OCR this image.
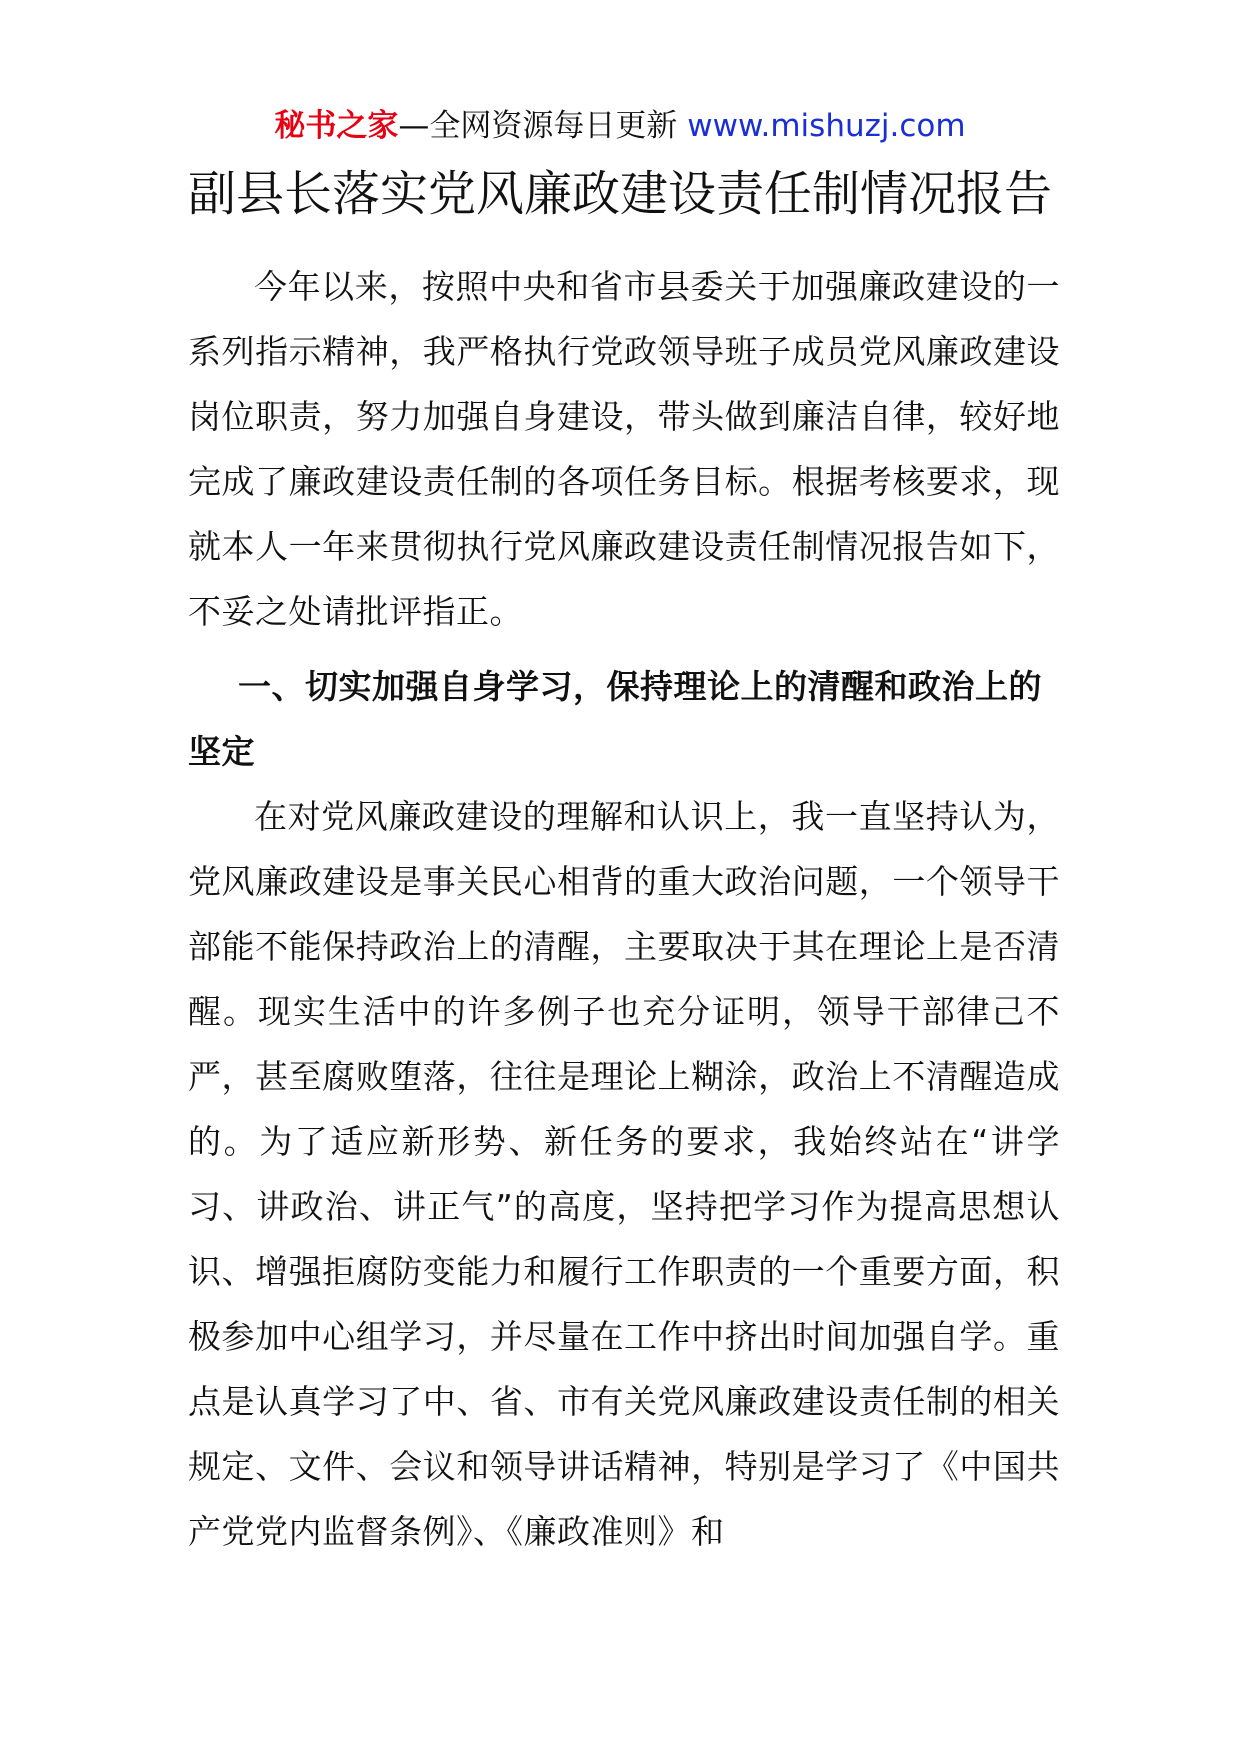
秘书之家—全网资源每日更新 www.mishuzj.com
副县长落实党风廉政建设责任制情况报告

今年以来，按照中央和省市县委关于加强廉政建设的一系列指示精神，我严格执行党政领导班子成员党风廉政建设岗位职责，努力加强自身建设，带头做到廉洁自律，较好地完成了廉政建设责任制的各项任务目标。根据考核要求，现就本人一年来贯彻执行党风廉政建设责任制情况报告如下，不妥之处请批评指正。

一、切实加强自身学习，保持理论上的清醒和政治上的坚定

在对党风廉政建设的理解和认识上，我一直坚持认为，党风廉政建设是事关民心相背的重大政治问题，一个领导干部能不能保持政治上的清醒，主要取决于其在理论上是否清醒。现实生活中的许多例子也充分证明，领导干部律己不严，甚至腐败堕落，往往是理论上糊涂，政治上不清醒造成的。为了适应新形势、新任务的要求，我始终站在“讲学习、讲政治、讲正气”的高度，坚持把学习作为提高思想认识、增强拒腐防变能力和履行工作职责的一个重要方面，积极参加中心组学习，并尽量在工作中挤出时间加强自学。重点是认真学习了中、省、市有关党风廉政建设责任制的相关规定、文件、会议和领导讲话精神，特别是学习了《中国共产党党内监督条例》、《廉政准则》和
